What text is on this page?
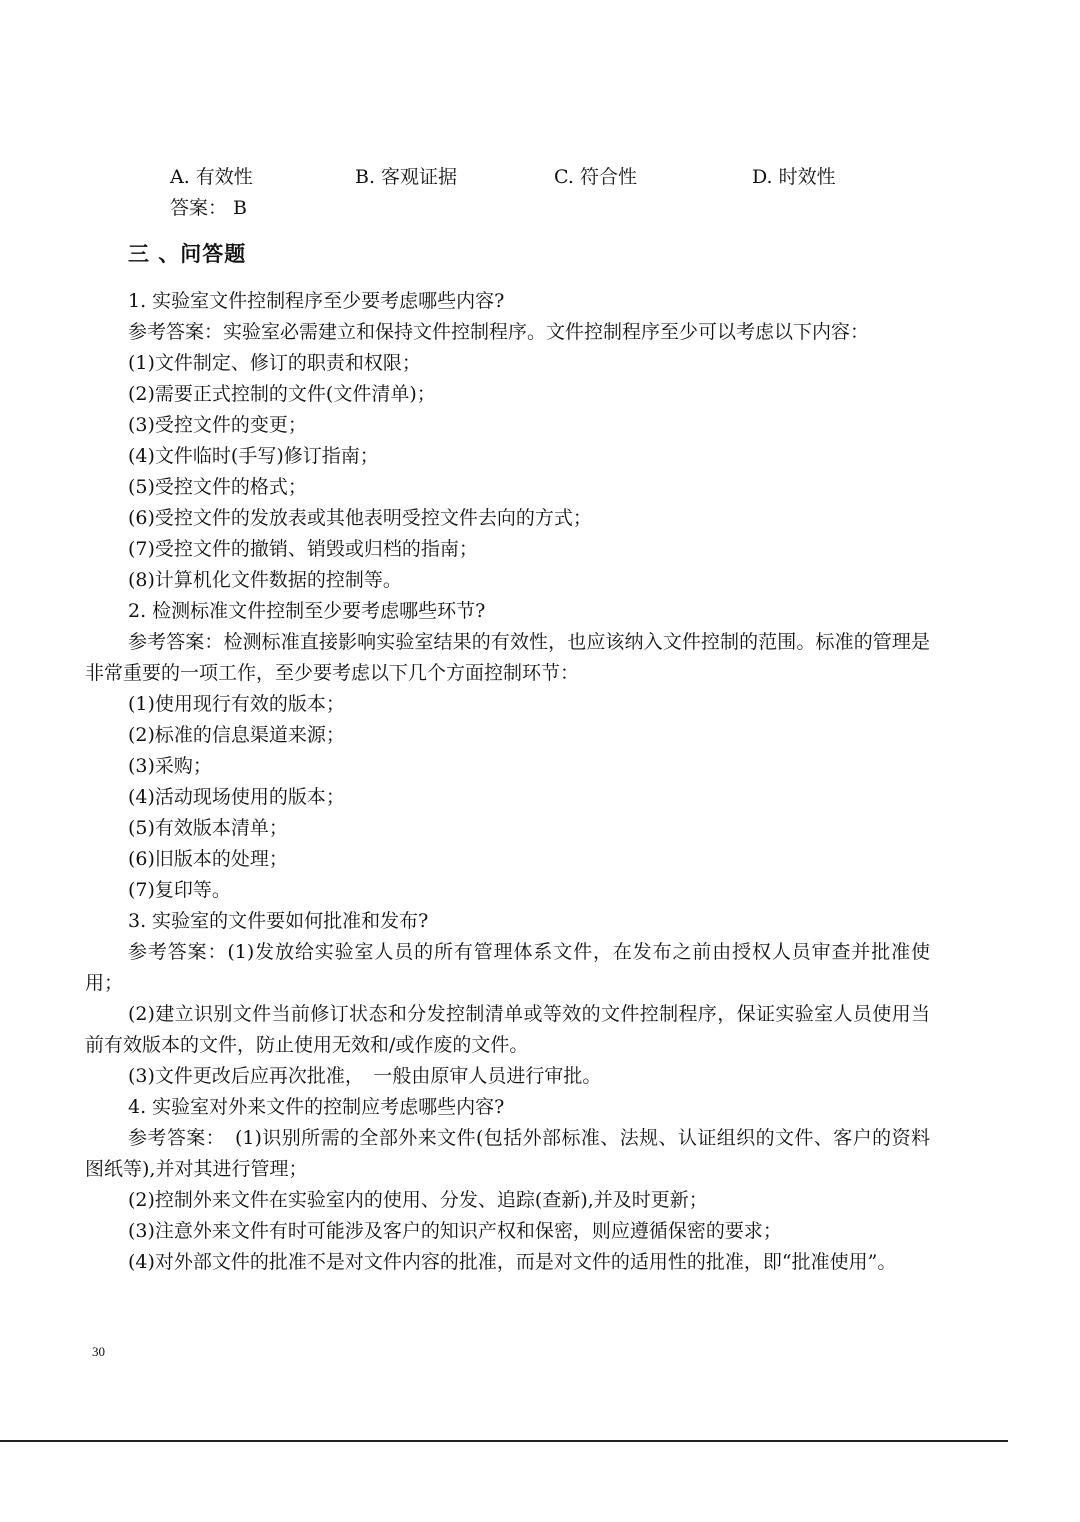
A. 有效性	B. 客观证据	C. 符合性	D. 时效性
答案： B
三 、问答题

1. 实验室文件控制程序至少要考虑哪些内容?

参考答案：实验室必需建立和保持文件控制程序。文件控制程序至少可以考虑以下内容：

(1)文件制定、修订的职责和权限；

(2)需要正式控制的文件(文件清单)；

(3)受控文件的变更；

(4)文件临时(手写)修订指南；

(5)受控文件的格式；

(6)受控文件的发放表或其他表明受控文件去向的方式；

(7)受控文件的撤销、销毁或归档的指南；

(8)计算机化文件数据的控制等。

2. 检测标准文件控制至少要考虑哪些环节?

参考答案：检测标准直接影响实验室结果的有效性，也应该纳入文件控制的范围。标准的管理是非常重要的一项工作，至少要考虑以下几个方面控制环节：

(1)使用现行有效的版本；

(2)标准的信息渠道来源；

(3)采购；

(4)活动现场使用的版本；

(5)有效版本清单；

(6)旧版本的处理；

(7)复印等。

3. 实验室的文件要如何批准和发布?

参考答案：(1)发放给实验室人员的所有管理体系文件，在发布之前由授权人员审查并批准使用；

(2)建立识别文件当前修订状态和分发控制清单或等效的文件控制程序，保证实验室人员使用当前有效版本的文件，防止使用无效和/或作废的文件。

(3)文件更改后应再次批准，　一般由原审人员进行审批。

4. 实验室对外来文件的控制应考虑哪些内容?

参考答案：　(1)识别所需的全部外来文件(包括外部标准、法规、认证组织的文件、客户的资料图纸等),并对其进行管理；

(2)控制外来文件在实验室内的使用、分发、追踪(查新),并及时更新；

(3)注意外来文件有时可能涉及客户的知识产权和保密，则应遵循保密的要求；

(4)对外部文件的批准不是对文件内容的批准，而是对文件的适用性的批准，即“批准使用”。

30
